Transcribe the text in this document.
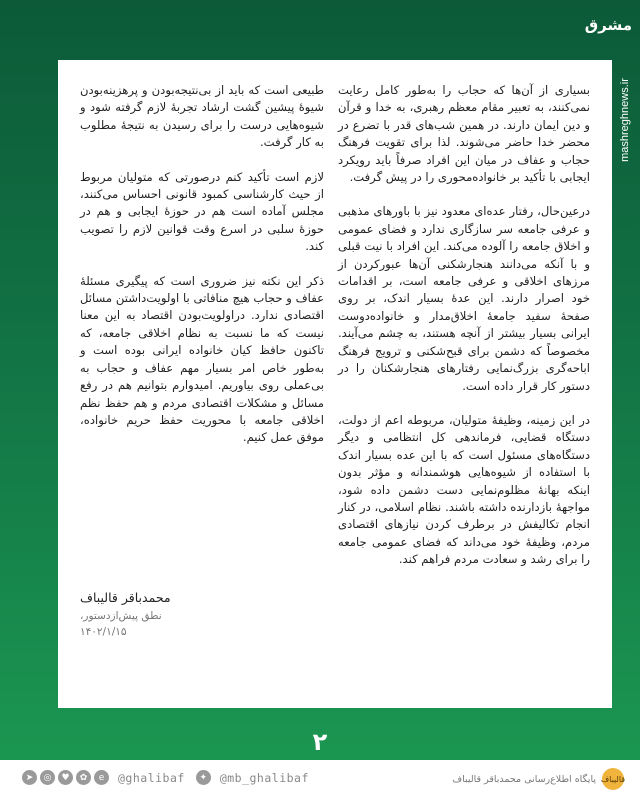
مشرق
mashreghnews.ir

بسیاری از آن‌ها که حجاب را به‌طور کامل رعایت نمی‌کنند، به تعبیر مقام معظم رهبری، به خدا و قرآن و دین ایمان دارند. در همین شب‌های قدر با تضرع در محضر خدا حاضر می‌شوند. لذا برای تقویت فرهنگ حجاب و عفاف در میان این افراد صرفاً باید رویکرد ایجابی با تأکید بر خانواده‌محوری را در پیش گرفت.

درعین‌حال، رفتار عده‌ای معدود نیز با باورهای مذهبی و عرفی جامعه سر سازگاری ندارد و فضای عمومی و اخلاق جامعه را آلوده می‌کند. این افراد با نیت قبلی و با آنکه می‌دانند هنجارشکنی آن‌ها عبورکردن از مرزهای اخلاقی و عرفی جامعه است، بر اقدامات خود اصرار دارند. این عدهٔ بسیار اندک، بر روی صفحهٔ سفید جامعهٔ اخلاق‌مدار و خانواده‌دوست ایرانی بسیار بیشتر از آنچه هستند، به چشم می‌آیند. مخصوصاً که دشمن برای قبح‌شکنی و ترویج فرهنگ اباحه‌گری بزرگ‌نمایی رفتارهای هنجارشکنان را در دستور کار قرار داده است.

در این زمینه، وظیفهٔ متولیان، مربوطه اعم از دولت، دستگاه قضایی، فرماندهی کل انتظامی و دیگر دستگاه‌های مسئول است که با این عده بسیار اندک با استفاده از شیوه‌هایی هوشمندانه و مؤثر بدون اینکه بهانهٔ مظلوم‌نمایی دست دشمن داده شود، مواجههٔ بازدارنده داشته باشند. نظام اسلامی، در کنار انجام تکالیفش در برطرف کردن نیازهای اقتصادی مردم، وظیفهٔ خود می‌داند که فضای عمومی جامعه را برای رشد و سعادت مردم فراهم کند.

طبیعی است که باید از بی‌نتیجه‌بودن و پرهزینه‌بودن شیوهٔ پیشین گشت ارشاد تجربهٔ لازم گرفته شود و شیوه‌هایی درست را برای رسیدن به نتیجهٔ مطلوب به کار گرفت.

لازم است تأکید کنم درصورتی که متولیان مربوط از حیث کارشناسی کمبود قانونی احساس می‌کنند، مجلس آماده است هم در حوزهٔ ایجابی و هم در حوزهٔ سلبی در اسرع وقت قوانین لازم را تصویب کند.

ذکر این نکته نیز ضروری است که پیگیری مسئلهٔ عفاف و حجاب هیچ منافاتی با اولویت‌داشتن مسائل اقتصادی ندارد. دراولویت‌بودن اقتصاد به این معنا نیست که ما نسبت به نظام اخلاقی جامعه، که تاکنون حافظ کیان خانواده ایرانی بوده است و به‌طور خاص امر بسیار مهم عفاف و حجاب به بی‌عملی روی بیاوریم. امیدوارم بتوانیم هم در رفع مسائل و مشکلات اقتصادی مردم و هم حفظ نظم اخلاقی جامعه با محوریت حفظ حریم خانواده، موفق عمل کنیم.

محمدباقر قالیباف
نطق پیش‌از‌دستور،
۱۴۰۲/۱/۱۵
۲
➤	◎	♥	✿	e	@ghalibaf	✦	@mb_ghalibaf	قالیباف
پایگاه اطلاع‌رسانی محمدباقر قالیباف
